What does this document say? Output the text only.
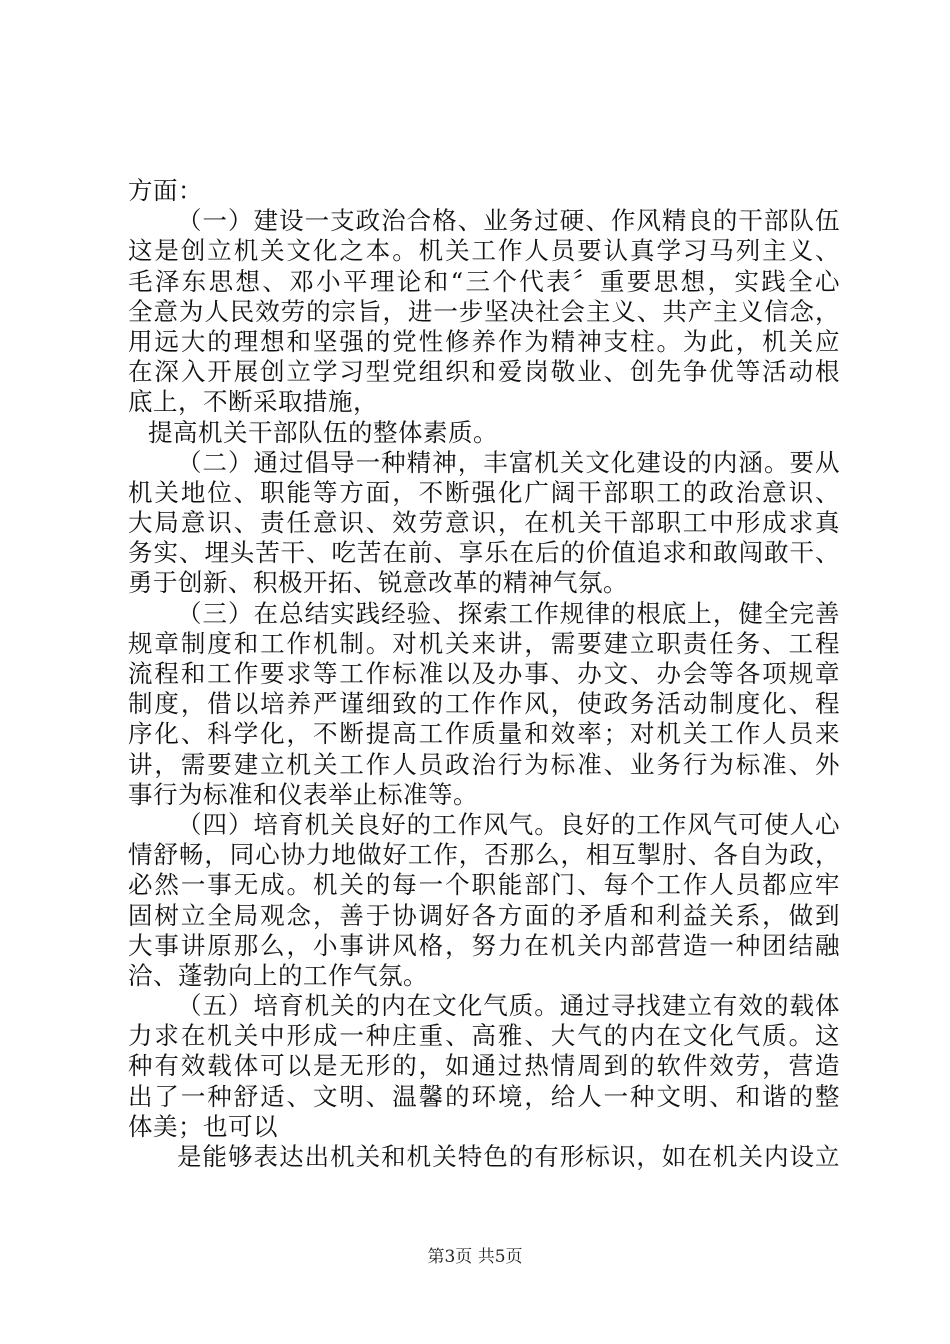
方面：
（一）建设一支政治合格、业务过硬、作风精良的干部队伍
这是创立机关文化之本。机关工作人员要认真学习马列主义、
毛泽东思想、邓小平理论和“三个代表〞重要思想，实践全心
全意为人民效劳的宗旨，进一步坚决社会主义、共产主义信念，
用远大的理想和坚强的党性修养作为精神支柱。为此，机关应
在深入开展创立学习型党组织和爱岗敬业、创先争优等活动根
底上，不断采取措施，
提高机关干部队伍的整体素质。
（二）通过倡导一种精神，丰富机关文化建设的内涵。要从
机关地位、职能等方面，不断强化广阔干部职工的政治意识、
大局意识、责任意识、效劳意识，在机关干部职工中形成求真
务实、埋头苦干、吃苦在前、享乐在后的价值追求和敢闯敢干、
勇于创新、积极开拓、锐意改革的精神气氛。
（三）在总结实践经验、探索工作规律的根底上，健全完善
规章制度和工作机制。对机关来讲，需要建立职责任务、工程
流程和工作要求等工作标准以及办事、办文、办会等各项规章
制度，借以培养严谨细致的工作作风，使政务活动制度化、程
序化、科学化，不断提高工作质量和效率；对机关工作人员来
讲，需要建立机关工作人员政治行为标准、业务行为标准、外
事行为标准和仪表举止标准等。
（四）培育机关良好的工作风气。良好的工作风气可使人心
情舒畅，同心协力地做好工作，否那么，相互掣肘、各自为政，
必然一事无成。机关的每一个职能部门、每个工作人员都应牢
固树立全局观念，善于协调好各方面的矛盾和利益关系，做到
大事讲原那么，小事讲风格，努力在机关内部营造一种团结融
洽、蓬勃向上的工作气氛。
（五）培育机关的内在文化气质。通过寻找建立有效的载体
力求在机关中形成一种庄重、高雅、大气的内在文化气质。这
种有效载体可以是无形的，如通过热情周到的软件效劳，营造
出了一种舒适、文明、温馨的环境，给人一种文明、和谐的整
体美；也可以
是能够表达出机关和机关特色的有形标识，如在机关内设立
第3页 共5页
